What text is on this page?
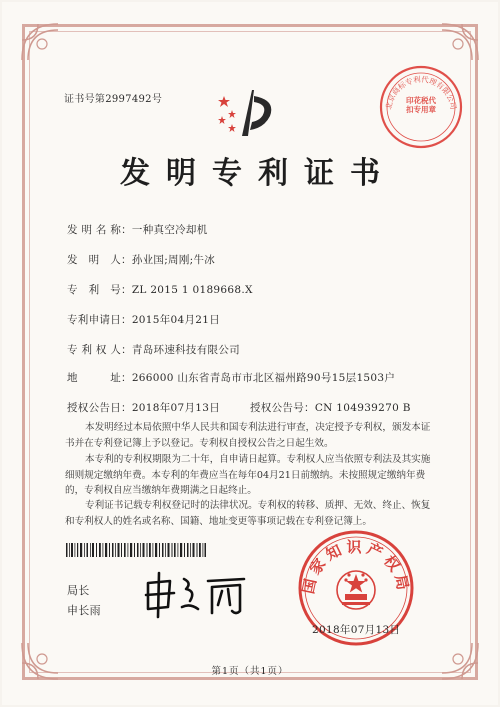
证书号第2997492号
北京商标专利代理有限公司
印花税代扣专用章
发明专利证书
发 明 名 称：一种真空冷却机
发　明　人：孙业国;周刚;牛冰
专　利　号：ZL 2015 1 0189668.X
专利申请日：2015年04月21日
专 利 权 人：青岛环速科技有限公司
地　　　址：266000 山东省青岛市市北区福州路90号15层1503户
授权公告日：2018年07月13日	授权公告号：CN 104939270 B
本发明经过本局依照中华人民共和国专利法进行审查，决定授予专利权，颁发本证书并在专利登记簿上予以登记。专利权自授权公告之日起生效。
本专利的专利权期限为二十年，自申请日起算。专利权人应当依照专利法及其实施细则规定缴纳年费。本专利的年费应当在每年04月21日前缴纳。未按照规定缴纳年费的，专利权自应当缴纳年费期满之日起终止。
专利证书记载专利权登记时的法律状况。专利权的转移、质押、无效、终止、恢复和专利权人的姓名或名称、国籍、地址变更等事项记载在专利登记簿上。
局长
申长雨
国家知识产权局
2018年07月13日
第1页（共1页）
